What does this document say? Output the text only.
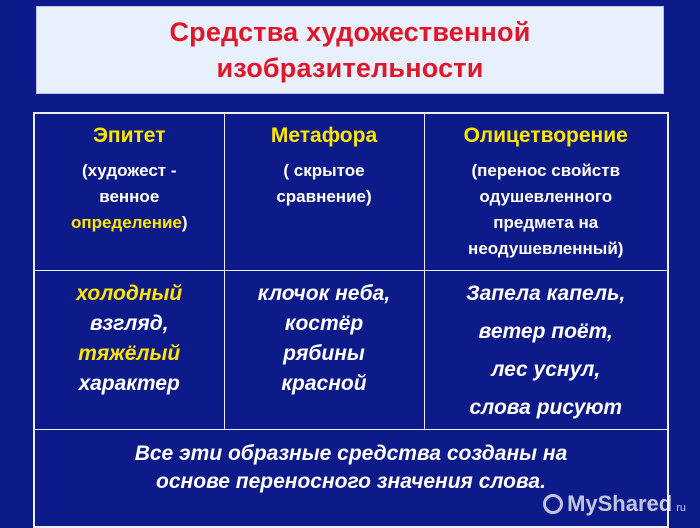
Средства художественной
изобразительности
Эпитет
(художест -
венное
определение)	Метафора
( скрытое
сравнение)	Олицетворение
(перенос свойств
одушевленного
предмета на
неодушевленный)

холодный
взгляд,
тяжёлый
характер	клочок неба,
костёр
рябины
красной	Запела капель,
ветер поёт,
лес уснул,
слова рисуют

Все эти образные средства созданы на
основе переносного значения слова.		
MyShared ru
